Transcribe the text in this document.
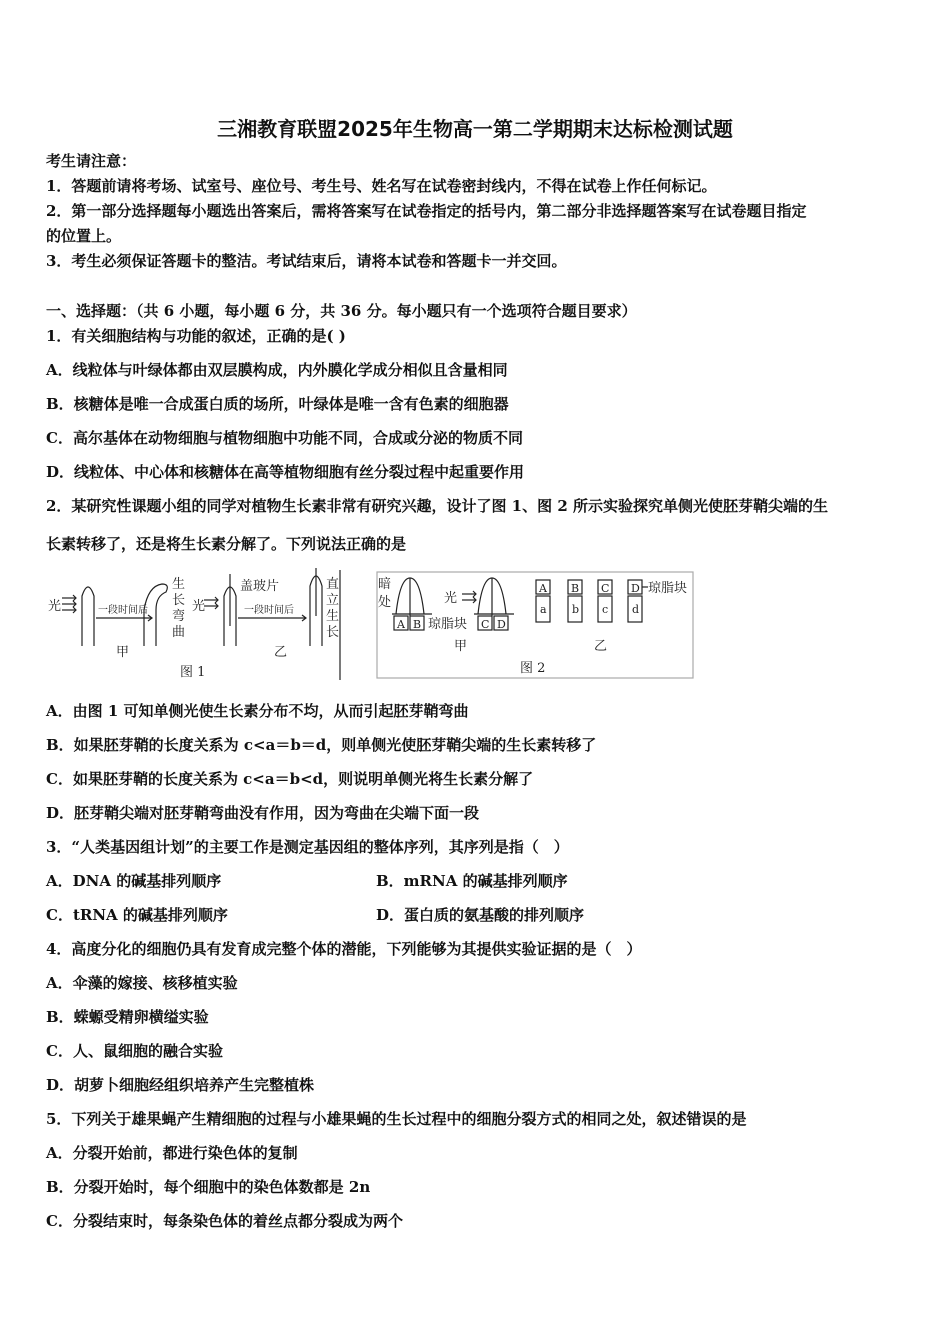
三湘教育联盟2025年生物高一第二学期期末达标检测试题
考生请注意：
1．答题前请将考场、试室号、座位号、考生号、姓名写在试卷密封线内，不得在试卷上作任何标记。
2．第一部分选择题每小题选出答案后，需将答案写在试卷指定的括号内，第二部分非选择题答案写在试卷题目指定
的位置上。
3．考生必须保证答题卡的整洁。考试结束后，请将本试卷和答题卡一并交回。
一、选择题：（共 6 小题，每小题 6 分，共 36 分。每小题只有一个选项符合题目要求）
1．有关细胞结构与功能的叙述，正确的是( )
A．线粒体与叶绿体都由双层膜构成，内外膜化学成分相似且含量相同
B．核糖体是唯一合成蛋白质的场所，叶绿体是唯一含有色素的细胞器
C．高尔基体在动物细胞与植物细胞中功能不同，合成或分泌的物质不同
D．线粒体、中心体和核糖体在高等植物细胞有丝分裂过程中起重要作用
2．某研究性课题小组的同学对植物生长素非常有研究兴趣，设计了图 1、图 2 所示实验探究单侧光使胚芽鞘尖端的生
长素转移了，还是将生长素分解了。下列说法正确的是
光	一段时间后
生
长
弯
曲
盖玻片
光	一段时间后
直
立
生
长
甲	乙
图 1
暗
处	光
A B 琼脂块 C D
A
a
B
b
C
c
D
d
琼脂块
甲	乙
图 2
A．由图 1 可知单侧光使生长素分布不均，从而引起胚芽鞘弯曲
B．如果胚芽鞘的长度关系为 c<a＝b＝d，则单侧光使胚芽鞘尖端的生长素转移了
C．如果胚芽鞘的长度关系为 c<a＝b<d，则说明单侧光将生长素分解了
D．胚芽鞘尖端对胚芽鞘弯曲没有作用，因为弯曲在尖端下面一段
3．“人类基因组计划”的主要工作是测定基因组的整体序列，其序列是指（　）
A．DNA 的碱基排列顺序	B．mRNA 的碱基排列顺序
C．tRNA 的碱基排列顺序	D．蛋白质的氨基酸的排列顺序
4．高度分化的细胞仍具有发育成完整个体的潜能，下列能够为其提供实验证据的是（　）
A．伞藻的嫁接、核移植实验
B．蝾螈受精卵横缢实验
C．人、鼠细胞的融合实验
D．胡萝卜细胞经组织培养产生完整植株
5．下列关于雄果蝇产生精细胞的过程与小雄果蝇的生长过程中的细胞分裂方式的相同之处，叙述错误的是
A．分裂开始前，都进行染色体的复制
B．分裂开始时，每个细胞中的染色体数都是 2n
C．分裂结束时，每条染色体的着丝点都分裂成为两个
